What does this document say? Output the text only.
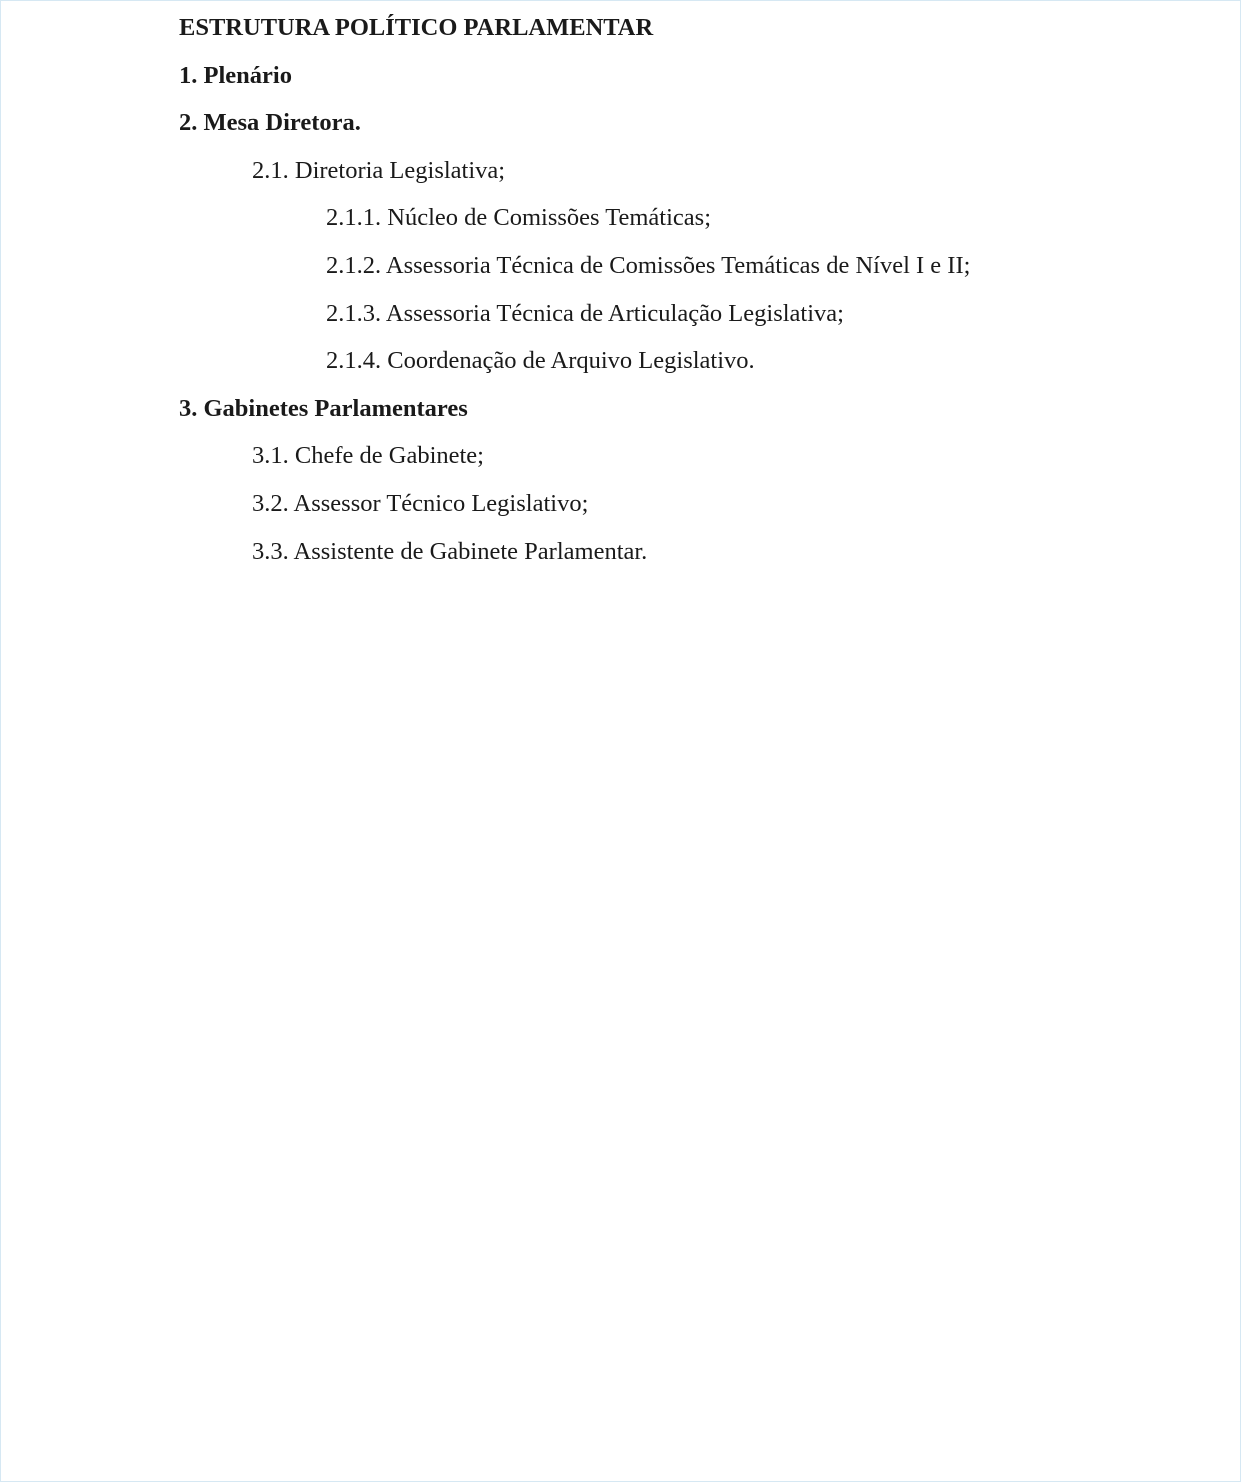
ESTRUTURA POLÍTICO PARLAMENTAR
1. Plenário
2. Mesa Diretora.
2.1. Diretoria Legislativa;
2.1.1. Núcleo de Comissões Temáticas;
2.1.2. Assessoria Técnica de Comissões Temáticas de Nível I e II;
2.1.3. Assessoria Técnica de Articulação Legislativa;
2.1.4. Coordenação de Arquivo Legislativo.
3. Gabinetes Parlamentares
3.1. Chefe de Gabinete;
3.2. Assessor Técnico Legislativo;
3.3. Assistente de Gabinete Parlamentar.
